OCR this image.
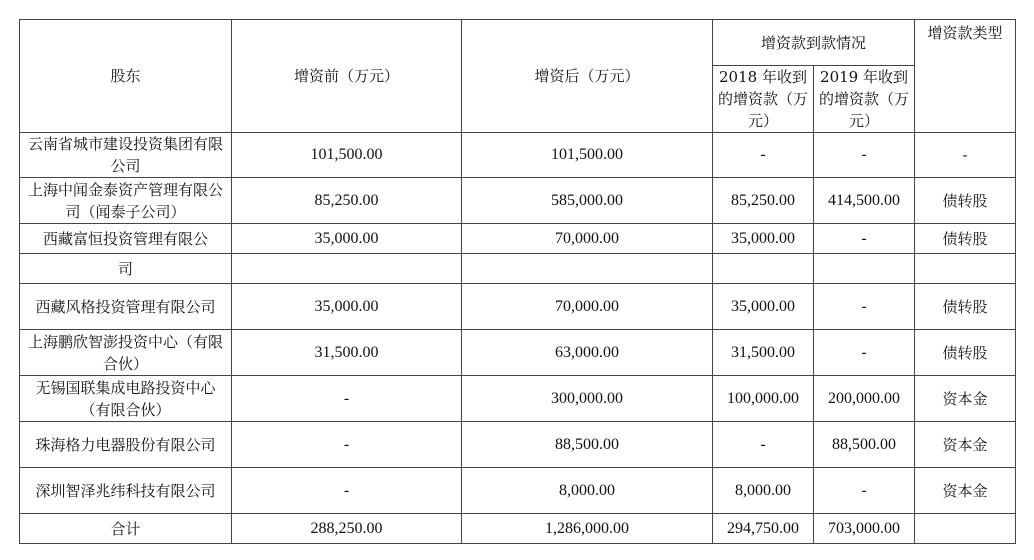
股东	增资前（万元）	增资后（万元）	增资款到款情况		增资款类型
			2018 年收到的增资款（万元）	2019 年收到的增资款（万元）	
云南省城市建设投资集团有限公司	101,500.00	101,500.00	-	-	-
上海中闻金泰资产管理有限公司（闻泰子公司）	85,250.00	585,000.00	85,250.00	414,500.00	债转股
西藏富恒投资管理有限公	35,000.00	70,000.00	35,000.00	-	债转股
司					
西藏风格投资管理有限公司	35,000.00	70,000.00	35,000.00	-	债转股
上海鹏欣智澎投资中心（有限合伙）	31,500.00	63,000.00	31,500.00	-	债转股
无锡国联集成电路投资中心（有限合伙）	-	300,000.00	100,000.00	200,000.00	资本金
珠海格力电器股份有限公司	-	88,500.00	-	88,500.00	资本金
深圳智泽兆纬科技有限公司	-	8,000.00	8,000.00	-	资本金
合计	288,250.00	1,286,000.00	294,750.00	703,000.00	
